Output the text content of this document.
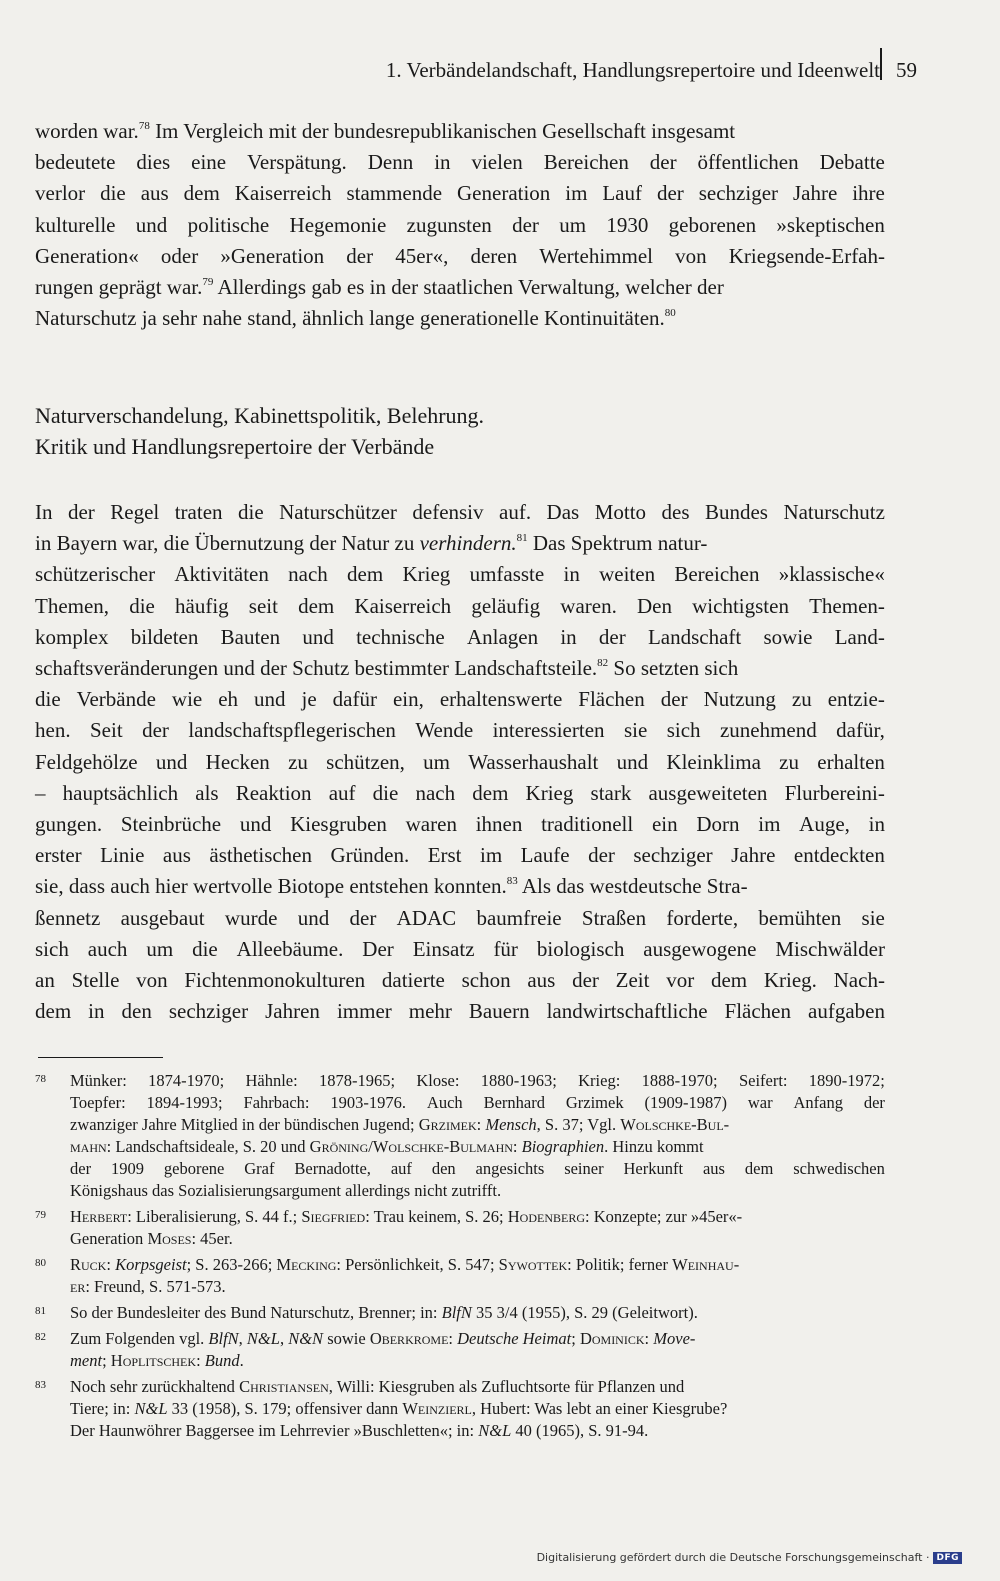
1. Verbändelandschaft, Handlungsrepertoire und Ideenwelt 59
worden war.$^{78}$ Im Vergleich mit der bundesrepublikanischen Gesellschaft insgesamt
bedeutete dies eine Verspätung. Denn in vielen Bereichen der öffentlichen Debatte
verlor die aus dem Kaiserreich stammende Generation im Lauf der sechziger Jahre ihre
kulturelle und politische Hegemonie zugunsten der um 1930 geborenen »skeptischen
Generation« oder »Generation der 45er«, deren Wertehimmel von Kriegsende-Erfah-
rungen geprägt war.$^{79}$ Allerdings gab es in der staatlichen Verwaltung, welcher der
Naturschutz ja sehr nahe stand, ähnlich lange generationelle Kontinuitäten.$^{80}$
Naturverschandelung, Kabinettspolitik, Belehrung.
Kritik und Handlungsrepertoire der Verbände
In der Regel traten die Naturschützer defensiv auf. Das Motto des Bundes Naturschutz
in Bayern war, die Übernutzung der Natur zu verhindern.$^{81}$ Das Spektrum natur-
schützerischer Aktivitäten nach dem Krieg umfasste in weiten Bereichen »klassische«
Themen, die häufig seit dem Kaiserreich geläufig waren. Den wichtigsten Themen-
komplex bildeten Bauten und technische Anlagen in der Landschaft sowie Land-
schaftsveränderungen und der Schutz bestimmter Landschaftsteile.$^{82}$ So setzten sich
die Verbände wie eh und je dafür ein, erhaltenswerte Flächen der Nutzung zu entzie-
hen. Seit der landschaftspflegerischen Wende interessierten sie sich zunehmend dafür,
Feldgehölze und Hecken zu schützen, um Wasserhaushalt und Kleinklima zu erhalten
– hauptsächlich als Reaktion auf die nach dem Krieg stark ausgeweiteten Flurbereini-
gungen. Steinbrüche und Kiesgruben waren ihnen traditionell ein Dorn im Auge, in
erster Linie aus ästhetischen Gründen. Erst im Laufe der sechziger Jahre entdeckten
sie, dass auch hier wertvolle Biotope entstehen konnten.$^{83}$ Als das westdeutsche Stra-
ßennetz ausgebaut wurde und der ADAC baumfreie Straßen forderte, bemühten sie
sich auch um die Alleebäume. Der Einsatz für biologisch ausgewogene Mischwälder
an Stelle von Fichtenmonokulturen datierte schon aus der Zeit vor dem Krieg. Nach-
dem in den sechziger Jahren immer mehr Bauern landwirtschaftliche Flächen aufgaben
78 Münker: 1874-1970; Hähnle: 1878-1965; Klose: 1880-1963; Krieg: 1888-1970; Seifert: 1890-1972;
Toepfer: 1894-1993; Fahrbach: 1903-1976. Auch Bernhard Grzimek (1909-1987) war Anfang der
zwanziger Jahre Mitglied in der bündischen Jugend; Grzimek: Mensch, S. 37; Vgl. Wolschke-Bul-
mahn: Landschaftsideale, S. 20 und Gröning/Wolschke-Bulmahn: Biographien. Hinzu kommt
der 1909 geborene Graf Bernadotte, auf den angesichts seiner Herkunft aus dem schwedischen
Königshaus das Sozialisierungsargument allerdings nicht zutrifft.
79 Herbert: Liberalisierung, S. 44 f.; Siegfried: Trau keinem, S. 26; Hodenberg: Konzepte; zur »45er«-
Generation Moses: 45er.
80 Ruck: Korpsgeist; S. 263-266; Mecking: Persönlichkeit, S. 547; Sywottek: Politik; ferner Weinhau-
er: Freund, S. 571-573.
81 So der Bundesleiter des Bund Naturschutz, Brenner; in: BlfN 35 3/4 (1955), S. 29 (Geleitwort).
82 Zum Folgenden vgl. BlfN, N&L, N&N sowie Oberkrome: Deutsche Heimat; Dominick: Move-
ment; Hoplitschek: Bund.
83 Noch sehr zurückhaltend Christiansen, Willi: Kiesgruben als Zufluchtsorte für Pflanzen und
Tiere; in: N&L 33 (1958), S. 179; offensiver dann Weinzierl, Hubert: Was lebt an einer Kiesgrube?
Der Haunwöhrer Baggersee im Lehrrevier »Buschletten«; in: N&L 40 (1965), S. 91-94.
Digitalisierung gefördert durch die Deutsche Forschungsgemeinschaft · DFG
